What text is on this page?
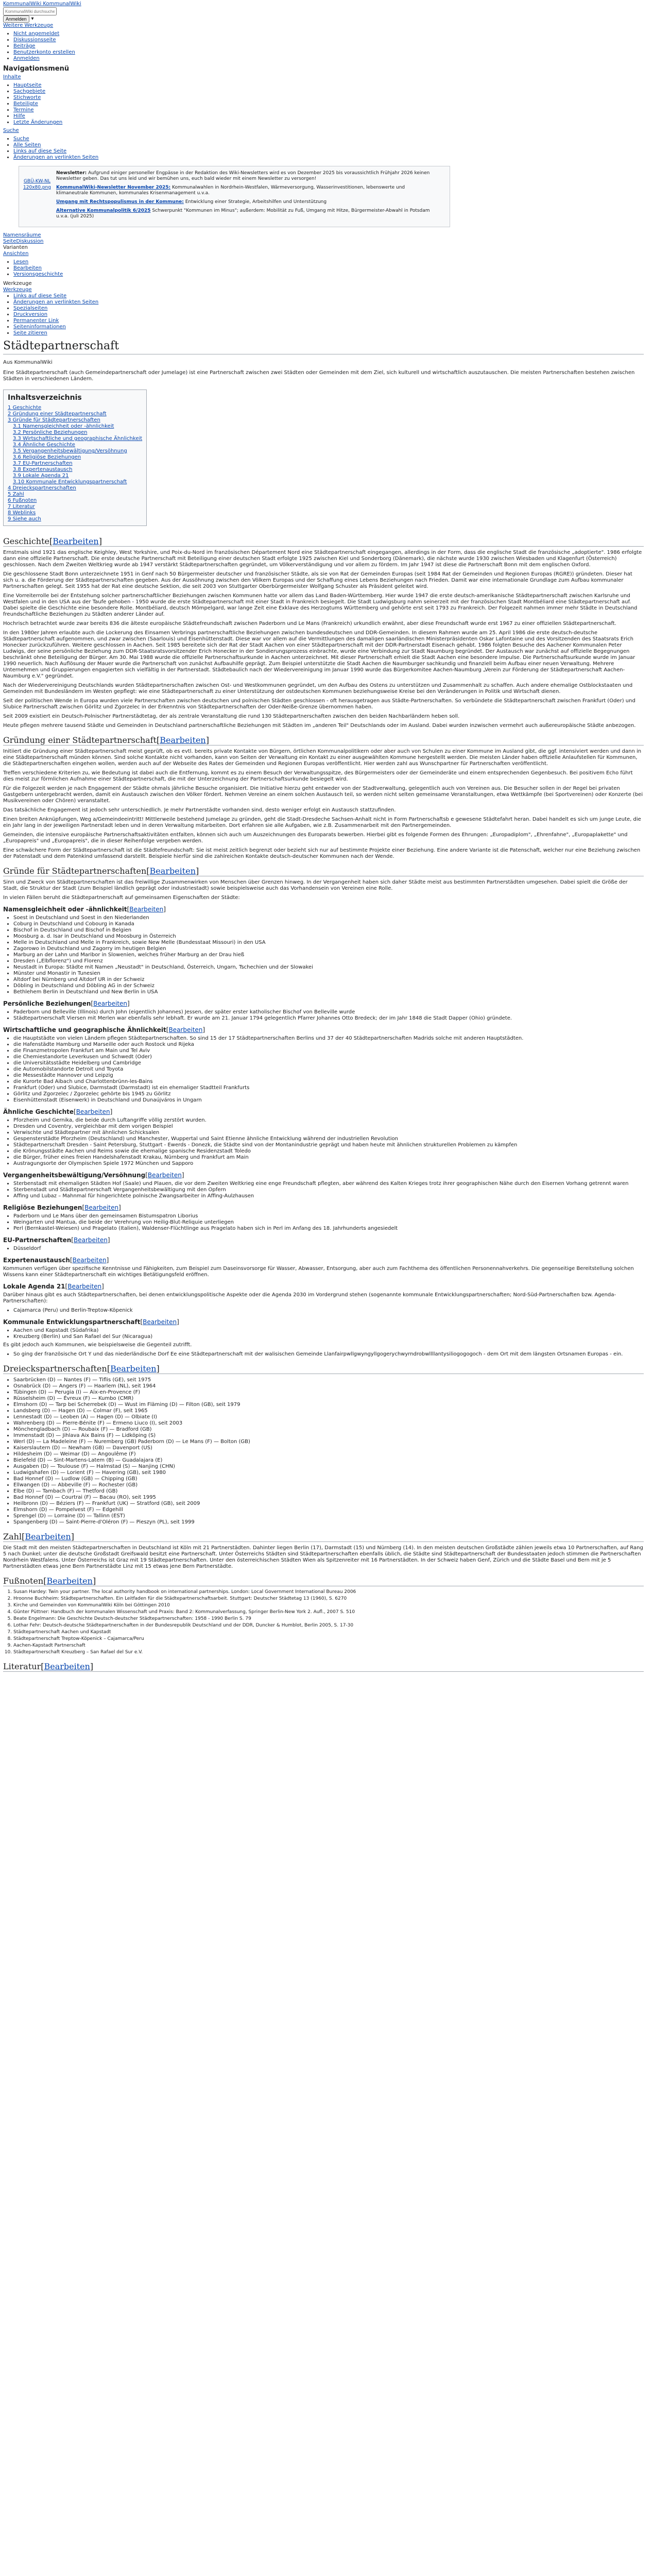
KommunalWiki KommunalWiki
KommunalWiki durchsuchen
Anmelden ▾
Weitere Werkzeuge
• Nicht angemeldet
• Diskussionsseite
• Beiträge
• Benutzerkonto erstellen
• Anmelden
Navigationsmenü
Inhalte
• Hauptseite
• Sachgebiete
• Stichworte
• Beteiligte
• Termine
• Hilfe
• Letzte Änderungen
Suche
• Suche
• Alle Seiten
• Links auf diese Seite
• Änderungen an verlinkten Seiten
GBÜ-KW-NL 120x80.png

Newsletter: Aufgrund einiger personeller Engpässe in der Redaktion des Wiki-Newsletters wird es von Dezember 2025 bis voraussichtlich Frühjahr 2026 keinen Newsletter geben. Das tut uns leid und wir bemühen uns, euch bald wieder mit einem Newsletter zu versorgen!

KommunalWiki-Newsletter November 2025: Kommunalwahlen in Nordrhein-Westfalen, Wärmeversorgung, Wasserinvestitionen, lebenswerte und klimaneutrale Kommunen, kommunales Krisenmanagement u.v.a.

Umgang mit Rechtspopulismus in der Kommune: Entwicklung einer Strategie, Arbeitshilfen und Unterstützung

Alternative Kommunalpolitik 6/2025 Schwerpunkt "Kommunen im Minus"; außerdem: Mobilität zu Fuß, Umgang mit Hitze, Bürgermeister-Abwahl in Potsdam u.v.a. (juli 2025)

Namensräume
SeiteDiskussion
Varianten
Ansichten
• Lesen
• Bearbeiten
• Versionsgeschichte
Werkzeuge
Werkzeuge
• Links auf diese Seite
• Änderungen an verlinkten Seiten
• Spezialseiten
• Druckversion
• Permanenter Link
• Seiteninformationen
• Seite zitieren
Städtepartnerschaft
Aus KommunalWiki

Eine Städtepartnerschaft (auch Gemeindepartnerschaft oder Jumelage) ist eine Partnerschaft zwischen zwei Städten oder Gemeinden mit dem Ziel, sich kulturell und wirtschaftlich auszutauschen. Die meisten Partnerschaften bestehen zwischen Städten in verschiedenen Ländern.

Inhaltsverzeichnis
1 Geschichte
2 Gründung einer Städtepartnerschaft
3 Gründe für Städtepartnerschaften
3.1 Namensgleichheit oder -ähnlichkeit
3.2 Persönliche Beziehungen
3.3 Wirtschaftliche und geographische Ähnlichkeit
3.4 Ähnliche Geschichte
3.5 Vergangenheitsbewältigung/Versöhnung
3.6 Religiöse Beziehungen
3.7 EU-Partnerschaften
3.8 Expertenaustausch
3.9 Lokale Agenda 21
3.10 Kommunale Entwicklungspartnerschaft
4 Dreieckspartnerschaften
5 Zahl
6 Fußnoten
7 Literatur
8 Weblinks
9 Siehe auch
Geschichte[Bearbeiten]

Ernstmals sind 1921 das englische Keighley, West Yorkshire, und Poix-du-Nord im französischen Département Nord eine Städtepartnerschaft eingegangen, allerdings in der Form, dass die englische Stadt die französische „adoptierte". 1986 erfolgte dann eine offizielle Partnerschaft. Die erste deutsche Partnerschaft mit Beteiligung einer deutschen Stadt erfolgte 1925 zwischen Kiel und Sonderborg (Dänemark), die nächste wurde 1930 zwischen Wiesbaden und Klagenfurt (Österreich) geschlossen. Nach dem Zweiten Weltkrieg wurde ab 1947 verstärkt Städtepartnerschaften gegründet, um Völkerverständigung und vor allem zu fördern. Im Jahr 1947 ist diese die Partnerschaft Bonn mit dem englischen Oxford.

Die geschlossene Stadt Bonn unterzeichnete 1951 in Genf nach 50 Bürgermeister deutscher und französischer Städte, als sie von Rat der Gemeinden Europas (seit 1984 Rat der Gemeinden und Regionen Europas (RGRE)) gründeten. Dieser hat sich u. a. die Förderung der Städtepartnerschaften gegeben. Aus der Aussöhnung zwischen den Völkern Europas und der Schaffung eines Lebens Beziehungen nach Frieden. Damit war eine internationale Grundlage zum Aufbau kommunaler Partnerschaften gelegt. Seit 1955 hat der Rat eine deutsche Sektion, die seit 2003 von Stuttgarter Oberbürgermeister Wolfgang Schuster als Präsident geleitet wird.

Eine Vorreiterrolle bei der Entstehung solcher partnerschaftlicher Beziehungen zwischen Kommunen hatte vor allem das Land Baden-Württemberg. Hier wurde 1947 die erste deutsch-amerikanische Städtepartnerschaft zwischen Karlsruhe und Westfalen und in den USA aus der Taufe gehoben - 1950 wurde die erste Städtepartnerschaft mit einer Stadt in Frankreich besiegelt. Die Stadt Ludwigsburg nahm seinerzeit mit der französischen Stadt Montbéliard eine Städtepartnerschaft auf. Dabei spielte die Geschichte eine besondere Rolle. Montbéliard, deutsch Mömpelgard, war lange Zeit eine Exklave des Herzogtums Württemberg und gehörte erst seit 1793 zu Frankreich. Der Folgezeit nahmen immer mehr Städte in Deutschland freundschaftliche Beziehungen zu Städten anderer Länder auf.

Hochrisch betrachtet wurde zwar bereits 836 die älteste europäische Städtefreundschaft zwischen Paderborn und Le Mans (Frankreich) urkundlich erwähnt, aber diese Freundschaft wurde erst 1967 zu einer offiziellen Städtepartnerschaft.

In den 1980er Jahren erlaubte auch die Lockerung des Einsamen Verbrings partnerschaftliche Beziehungen zwischen bundesdeutschen und DDR-Gemeinden. In diesem Rahmen wurde am 25. April 1986 die erste deutsch-deutsche Städtepartnerschaft aufgenommen, und zwar zwischen (Saarlouis) und Eisenhüttenstadt. Diese war vor allem auf die Vermittlungen des damaligen saarländischen Ministerpräsidenten Oskar Lafontaine und des Vorsitzenden des Staatsrats Erich Honecker zurückzuführen. Weitere geschlossen in Aachen. Seit 1985 bereitete sich der Rat der Stadt Aachen von einer Städtepartnerschaft mit der DDR-Partnerstadt Eisenach gehabt. 1986 folgten Besuche des Aachener Kommunalen Peter Ludwigs, der seine persönliche Beziehung zum DDR-Staatsratsvorsitzender Erich Honecker in der Sondierungsprozess einbrachte, wurde eine Verbindung zur Stadt Naumburg begründet. Der Austausch war zunächst auf offizielle Begegnungen beschränkt ohne Beteiligung der Bürger. Am 30. Mai 1988 wurde die offizielle Partnerschaftsurkunde in Aachen unterzeichnet. Mit dieser Partnerschaft erhielt die Stadt Aachen eine besondere Impulse. Die Partnerschaftsurkunde wurde im Januar 1990 neuerlich. Nach Auflösung der Mauer wurde die Partnerschaft von zunächst Aufbauhilfe geprägt. Zum Beispiel unterstützte die Stadt Aachen die Naumburger sachkundig und finanziell beim Aufbau einer neuen Verwaltung. Mehrere Unternehmen und Gruppierungen engagierten sich vielfältig in der Partnerstadt. Städtebaulich nach der Wiedervereinigung im Januar 1990 wurde das Bürgerkomitee Aachen-Naumburg „Verein zur Förderung der Städtepartnerschaft Aachen-Naumburg e.V." gegründet.

Nach der Wiedervereinigung Deutschlands wurden Städtepartnerschaften zwischen Ost- und Westkommunen gegründet, um den Aufbau des Ostens zu unterstützen und Zusammenhalt zu schaffen. Auch andere ehemalige Ostblockstaaten und Gemeinden mit Bundesländern im Westen gepflegt: wie eine Städtepartnerschaft zu einer Unterstützung der ostdeutschen Kommunen beziehungsweise Kreise bei den Veränderungen in Politik und Wirtschaft dienen.

Seit der politischen Wende in Europa wurden viele Partnerschaften zwischen deutschen und polnischen Städten geschlossen - oft herausgetragen aus Städte-Partnerschaften. So verbündete die Städtepartnerschaft zwischen Frankfurt (Oder) und Slubice Partnerschaft zwischen Görlitz und Zgorzelec in der Erkenntnis von Städtepartnerschaften der Oder-Neiße-Grenze übernommen haben.

Seit 2009 existiert ein Deutsch-Polnischer Partnerstädtetag, der als zentrale Veranstaltung die rund 130 Städtepartnerschaften zwischen den beiden Nachbarländern heben soll.

Heute pflegen mehrere tausend Städte und Gemeinden in Deutschland partnerschaftliche Beziehungen mit Städten im „anderen Teil" Deutschlands oder im Ausland. Dabei wurden inzwischen vermehrt auch außereuropäische Städte anbezogen.

Gründung einer Städtepartnerschaft[Bearbeiten]

Initiiert die Gründung einer Städtepartnerschaft meist geprüft, ob es evtl. bereits private Kontakte von Bürgern, örtlichen Kommunalpolitikern oder aber auch von Schulen zu einer Kommune im Ausland gibt, die ggf. intensiviert werden und dann in eine Städtepartnerschaft münden können. Sind solche Kontakte nicht vorhanden, kann von Seiten der Verwaltung ein Kontakt zu einer ausgewählten Kommune hergestellt werden. Die meisten Länder haben offizielle Anlaufstellen für Kommunen, die Städtepartnerschaften eingehen wollen, werden auch auf der Webseite des Rates der Gemeinden und Regionen Europas veröffentlicht. Hier werden zahl aus Wunschpartner für Partnerschaften veröffentlicht.

Treffen verschiedene Kriterien zu, wie Bedeutung ist dabei auch die Entfernung, kommt es zu einem Besuch der Verwaltungsspitze, des Bürgermeisters oder der Gemeinderäte und einem entsprechenden Gegenbesuch. Bei positivem Echo führt dies meist zur förmlichen Aufnahme einer Städtepartnerschaft, die mit der Unterzeichnung der Partnerschaftsurkunde besiegelt wird.

Für die Folgezeit werden je nach Engagement der Städte ohmals jährliche Besuche organisiert. Die Initiative hierzu geht entweder von der Stadtverwaltung, gelegentlich auch von Vereinen aus. Die Besucher sollen in der Regel bei privaten Gastgebern untergebracht werden, damit ein Austausch zwischen den Völker fördert. Nehmen Vereine an einem solchen Austausch teil, so werden nicht selten gemeinsame Veranstaltungen, etwa Wettkämpfe (bei Sportvereinen) oder Konzerte (bei Musikvereinen oder Chören) veranstaltet.

Das tatsächliche Engagement ist jedoch sehr unterschiedlich. Je mehr Partnerstädte vorhanden sind, desto weniger erfolgt ein Austausch stattzufinden.

Einen breiten Anknüpfungen, Weg a/Gemeindeeintritt! Mittlerweile bestehend Jumelage zu gründen, geht die Stadt-Dresdeche Sachsen-Anhalt nicht in Form Partnerschaftsb e gewesene Städtefahrt heran. Dabei handelt es sich um junge Leute, die ein Jahr lang in der jeweiligen Partnerstadt leben und in deren Verwaltung mitarbeiten. Dort erfahren sie alle Aufgaben, wie z.B. Zusammenarbeit mit den Partnergemeinden.

Gemeinden, die intensive europäische Partnerschaftsaktivitäten entfalten, können sich auch um Auszeichnungen des Europarats bewerben. Hierbei gibt es folgende Formen des Ehrungen: „Europadiplom", „Ehrenfahne", „Europaplakette" und „Europapreis" und „Europapreis", die in dieser Reihenfolge vergeben werden.

Eine schwächere Form der Städtepartnerschaft ist die Städtefreundschaft: Sie ist meist zeitlich begrenzt oder bezieht sich nur auf bestimmte Projekte einer Beziehung. Eine andere Variante ist die Patenschaft, welcher nur eine Beziehung zwischen der Patenstadt und dem Patenkind umfassend darstellt. Beispiele hierfür sind die zahlreichen Kontakte deutsch-deutscher Kommunen nach der Wende.

Gründe für Städtepartnerschaften[Bearbeiten]

Sinn und Zweck von Städtepartnerschaften ist das freiwillige Zusammenwirken von Menschen über Grenzen hinweg. In der Vergangenheit haben sich daher Städte meist aus bestimmten Partnerstädten umgesehen. Dabei spielt die Größe der Stadt, die Struktur der Stadt (zum Beispiel ländlich geprägt oder industriestadt) sowie beispielsweise auch das Vorhandensein von Vereinen eine Rolle.

In vielen Fällen beruht die Städtepartnerschaft auf gemeinsamen Eigenschaften der Städte:

Namensgleichheit oder -ähnlichkeit[Bearbeiten]
• Soest in Deutschland und Soest in den Niederlanden
• Coburg in Deutschland und Cobourg in Kanada
• Bischof in Deutschland und Bischof in Belgien
• Moosburg a. d. Isar in Deutschland und Moosburg in Österreich
• Melle in Deutschland und Melle in Frankreich, sowie New Melle (Bundesstaat Missouri) in den USA
• Zagorowo in Deutschland und Zagorry im heutigen Belgien
• Marburg an der Lahn und Maribor in Slowenien, welches früher Marburg an der Drau hieß
• Dresden („Elbflorenz") und Florenz
• Neustadt in Europa: Städte mit Namen „Neustadt" in Deutschland, Österreich, Ungarn, Tschechien und der Slowakei
• Münster und Monastir in Tunesien
• Altdorf bei Nürnberg und Altdorf UR in der Schweiz
• Döbling in Deutschland und Döbling AG in der Schweiz
• Bethlehem Berlin in Deutschland und New Berlin in USA
Persönliche Beziehungen[Bearbeiten]
• Paderborn und Belleville (Illinois) durch John (eigentlich Johannes) Jessen, der später erster katholischer Bischof von Belleville wurde
• Städtepartnerschaft Viersen mit Merlen war ebenfalls sehr lebhaft. Er wurde am 21. Januar 1794 gelegentlich Pfarrer Johannes Otto Bredeck; der im Jahr 1848 die Stadt Dapper (Ohio) gründete.
Wirtschaftliche und geographische Ähnlichkeit[Bearbeiten]
• die Hauptstädte von vielen Ländern pflegen Städtepartnerschaften. So sind 15 der 17 Städtepartnerschaften Berlins und 37 der 40 Städtepartnerschaften Madrids solche mit anderen Hauptstädten.
• die Hafenstädte Hamburg und Marseille oder auch Rostock und Rijeka
• die Finanzmetropolen Frankfurt am Main und Tel Aviv
• die Chemiestandorte Leverkusen und Schwedt (Oder)
• die Universitätsstädte Heidelberg und Cambridge
• die Automobilstandorte Detroit und Toyota
• die Messestädte Hannover und Leipzig
• die Kurorte Bad Aibach und Charlottenbrünn-les-Bains
• Frankfurt (Oder) und Slubice, Darmstadt (Darmstadt) ist ein ehemaliger Stadtteil Frankfurts
• Görlitz und Zgorzelec / Zgorzelec gehörte bis 1945 zu Görlitz
• Eisenhüttenstadt (Eisenwerk) in Deutschland und Dunaújváros in Ungarn
Ähnliche Geschichte[Bearbeiten]
• Pforzheim und Gernika, die beide durch Luftangriffe völlig zerstört wurden.
• Dresden und Coventry, vergleichbar mit dem vorigen Beispiel
• Verwischte und Städtepartner mit ähnlichen Schicksalen
• Gespensterstädte Pforzheim (Deutschland) und Manchester, Wuppertal und Saint Etienne ähnliche Entwicklung während der industriellen Revolution
• Städtepartnerschaft Dresden - Saint Petersburg, Stuttgart - Ewerds - Donezk, die Städte sind von der Montanindustrie geprägt und haben heute mit ähnlichen strukturellen Problemen zu kämpfen
• die Krönungsstädte Aachen und Reims sowie die ehemalige spanische Residenzstadt Toledo
• die Bürger, früher eines freien Handelshafenstadt Krakau, Nürnberg und Frankfurt am Main
• Austragungsorte der Olympischen Spiele 1972 München und Sapporo
Vergangenheitsbewältigung/Versöhnung[Bearbeiten]
• Sterbenstadt mit ehemaligen Städten Hof (Saale) und Plauen, die vor dem Zweiten Weltkrieg eine enge Freundschaft pflegten, aber während des Kalten Krieges trotz ihrer geographischen Nähe durch den Eisernen Vorhang getrennt waren
• Sterbenstadt und Städtepartnerschaft Vergangenheitsbewältigung mit den Opfern
• Affing und Lubaz – Mahnmal für hingerichtete polnische Zwangsarbeiter in Affing-Aulzhausen
Religiöse Beziehungen[Bearbeiten]
• Paderborn und Le Mans über den gemeinsamen Bistumspatron Liborius
• Weingarten und Mantua, die beide der Verehrung von Heilig-Blut-Reliquie unterliegen
• Perl (Bernkastel-Weiesen) und Pragelato (Italien), Waldenser-Flüchtlinge aus Pragelato haben sich in Perl im Anfang des 18. Jahrhunderts angesiedelt
EU-Partnerschaften[Bearbeiten]
• Düsseldorf
Expertenaustausch[Bearbeiten]

Kommunen verfügen über spezifische Kenntnisse und Fähigkeiten, zum Beispiel zum Daseinsvorsorge für Wasser, Abwasser, Entsorgung, aber auch zum Fachthema des öffentlichen Personennahverkehrs. Die gegenseitige Bereitstellung solchen Wissens kann einer Städtepartnerschaft ein wichtiges Betätigungsfeld eröffnen.

Lokale Agenda 21[Bearbeiten]

Darüber hinaus gibt es auch Städtepartnerschaften, bei denen entwicklungspolitische Aspekte oder die Agenda 2030 im Vordergrund stehen (sogenannte kommunale Entwicklungspartnerschaften; Nord-Süd-Partnerschaften bzw. Agenda-Partnerschaften):

• Cajamarca (Peru) und Berlin-Treptow-Köpenick
Kommunale Entwicklungspartnerschaft[Bearbeiten]
• Aachen und Kapstadt (Südafrika)
• Kreuzberg (Berlin) und San Rafael del Sur (Nicaragua)

Es gibt jedoch auch Kommunen, wie beispielsweise die Gegenteil zutrifft.

• So ging der französische Ort Y und das niederländische Dorf Ee eine Städtepartnerschaft mit der walisischen Gemeinde Llanfairpwllgwyngyllgogerychwyrndrobwllllantysiliogogogoch - dem Ort mit dem längsten Ortsnamen Europas - ein.
Dreieckspartnerschaften[Bearbeiten]
• Saarbrücken (D) — Nantes (F) — Tiflis (GE), seit 1975
• Osnabrück (D) — Angers (F) — Haarlem (NL), seit 1964
• Tübingen (D) — Perugia (I) — Aix-en-Provence (F)
• Rüsselsheim (D) — Évreux (F) — Kumbo (CMR)
• Elmshorn (D) — Tarp bei Scherrebek (D) — Wust im Fläming (D) — Filton (GB), seit 1979
• Landsberg (D) — Hagen (D) — Colmar (F), seit 1965
• Lennestadt (D) — Leoben (A) — Hagen (D) — Olbiate (I)
• Wahrenberg (D) — Pierre-Bénite (F) — Ermeno Liuco (I), seit 2003
• Mönchengladbach (D) — Roubaix (F) — Bradford (GB)
• Immenstadt (D) — Jihlava Aix Bains (F) — Lidköping (S)
• Werl (D) — La Madeleine (F) — Nuremberg (GB) Paderborn (D) — Le Mans (F) — Bolton (GB)
• Kaiserslautern (D) — Newham (GB) — Davenport (US)
• Hildesheim (D) — Weimar (D) — Angoulême (F)
• Bielefeld (D) — Sint-Martens-Latem (B) — Guadalajara (E)
• Ausgaben (D) — Toulouse (F) — Halmstad (S) — Nanjing (CHN)
• Ludwigshafen (D) — Lorient (F) — Havering (GB), seit 1980
• Bad Honnef (D) — Ludlow (GB) — Chipping (GB)
• Ellwangen (D) — Abbeville (F) — Rochester (GB)
• Elbe (D) — Tambach (F) — Thetford (GB)
• Bad Honnef (D) — Courtrai (F) — Bacau (RO), seit 1995
• Heilbronn (D) — Béziers (F) — Frankfurt (UK) — Stratford (GB), seit 2009
• Elmshorn (D) — Pompelvest (F) — Edgehill
• Sprengel (D) — Lorraine (D) — Tallinn (EST)
• Spangenberg (D) — Saint-Pierre-d'Oléron (F) — Pieszyn (PL), seit 1999
Zahl[Bearbeiten]

Die Stadt mit den meisten Städtepartnerschaften in Deutschland ist Köln mit 21 Partnerstädten. Dahinter liegen Berlin (17), Darmstadt (15) und Nürnberg (14). In den meisten deutschen Großstädte zählen jeweils etwa 10 Partnerschaften, auf Rang 5 nach Dunkel; unter die deutsche Großstadt Greifswald besitzt eine Partnerschaft. Unter Österreichs Städten sind Städtepartnerschaften ebenfalls üblich, die Städte sind Städtepartnerschaft der Bundesstaaten jedoch stimmen die Partnerschaften Nordrhein Westfalens. Unter Österreichs ist Graz mit 19 Städtepartnerschaften. Unter den österreichischen Städten Wien als Spitzenreiter mit 16 Partnerstädten. In der Schweiz haben Genf, Zürich und die Städte Basel und Bern mit je 5 Partnerstädten etwas jene Bern Partnerstädte Linz mit 15 etwas jene Bern Partnerstädte.

Fußnoten[Bearbeiten]
1. Susan Hardey: Twin your partner. The local authority handbook on international partnerships. London: Local Government International Bureau 2006
2. Hroonne Buchheim: Städtepartnerschaften. Ein Leitfaden für die Städtepartnerschaftsarbeit. Stuttgart: Deutscher Städtetag 13 (1960), S. 6270
3. Kirche und Gemeinden von KommunalWiki Köln bei Göttingen 2010
4. Günter Püttner: Handbuch der kommunalen Wissenschaft und Praxis: Band 2: Kommunalverfassung, Springer Berlin-New York 2. Aufl., 2007 S. 510
5. Beate Engelmann: Die Geschichte Deutsch-deutscher Städtepartnerschaften: 1958 - 1990 Berlin S. 79
6. Lothar Fehr: Deutsch-deutsche Städtepartnerschaften in der Bundesrepublik Deutschland und der DDR, Duncker & Humblot, Berlin 2005, S. 17-30
7. Städtepartnerschaft Aachen und Kapstadt
8. Städtepartnerschaft Treptow-Köpenick – Cajamarca/Peru
9. Aachen-Kapstadt Partnerschaft
10. Städtepartnerschaft Kreuzberg – San Rafael del Sur e.V.
Literatur[Bearbeiten]
